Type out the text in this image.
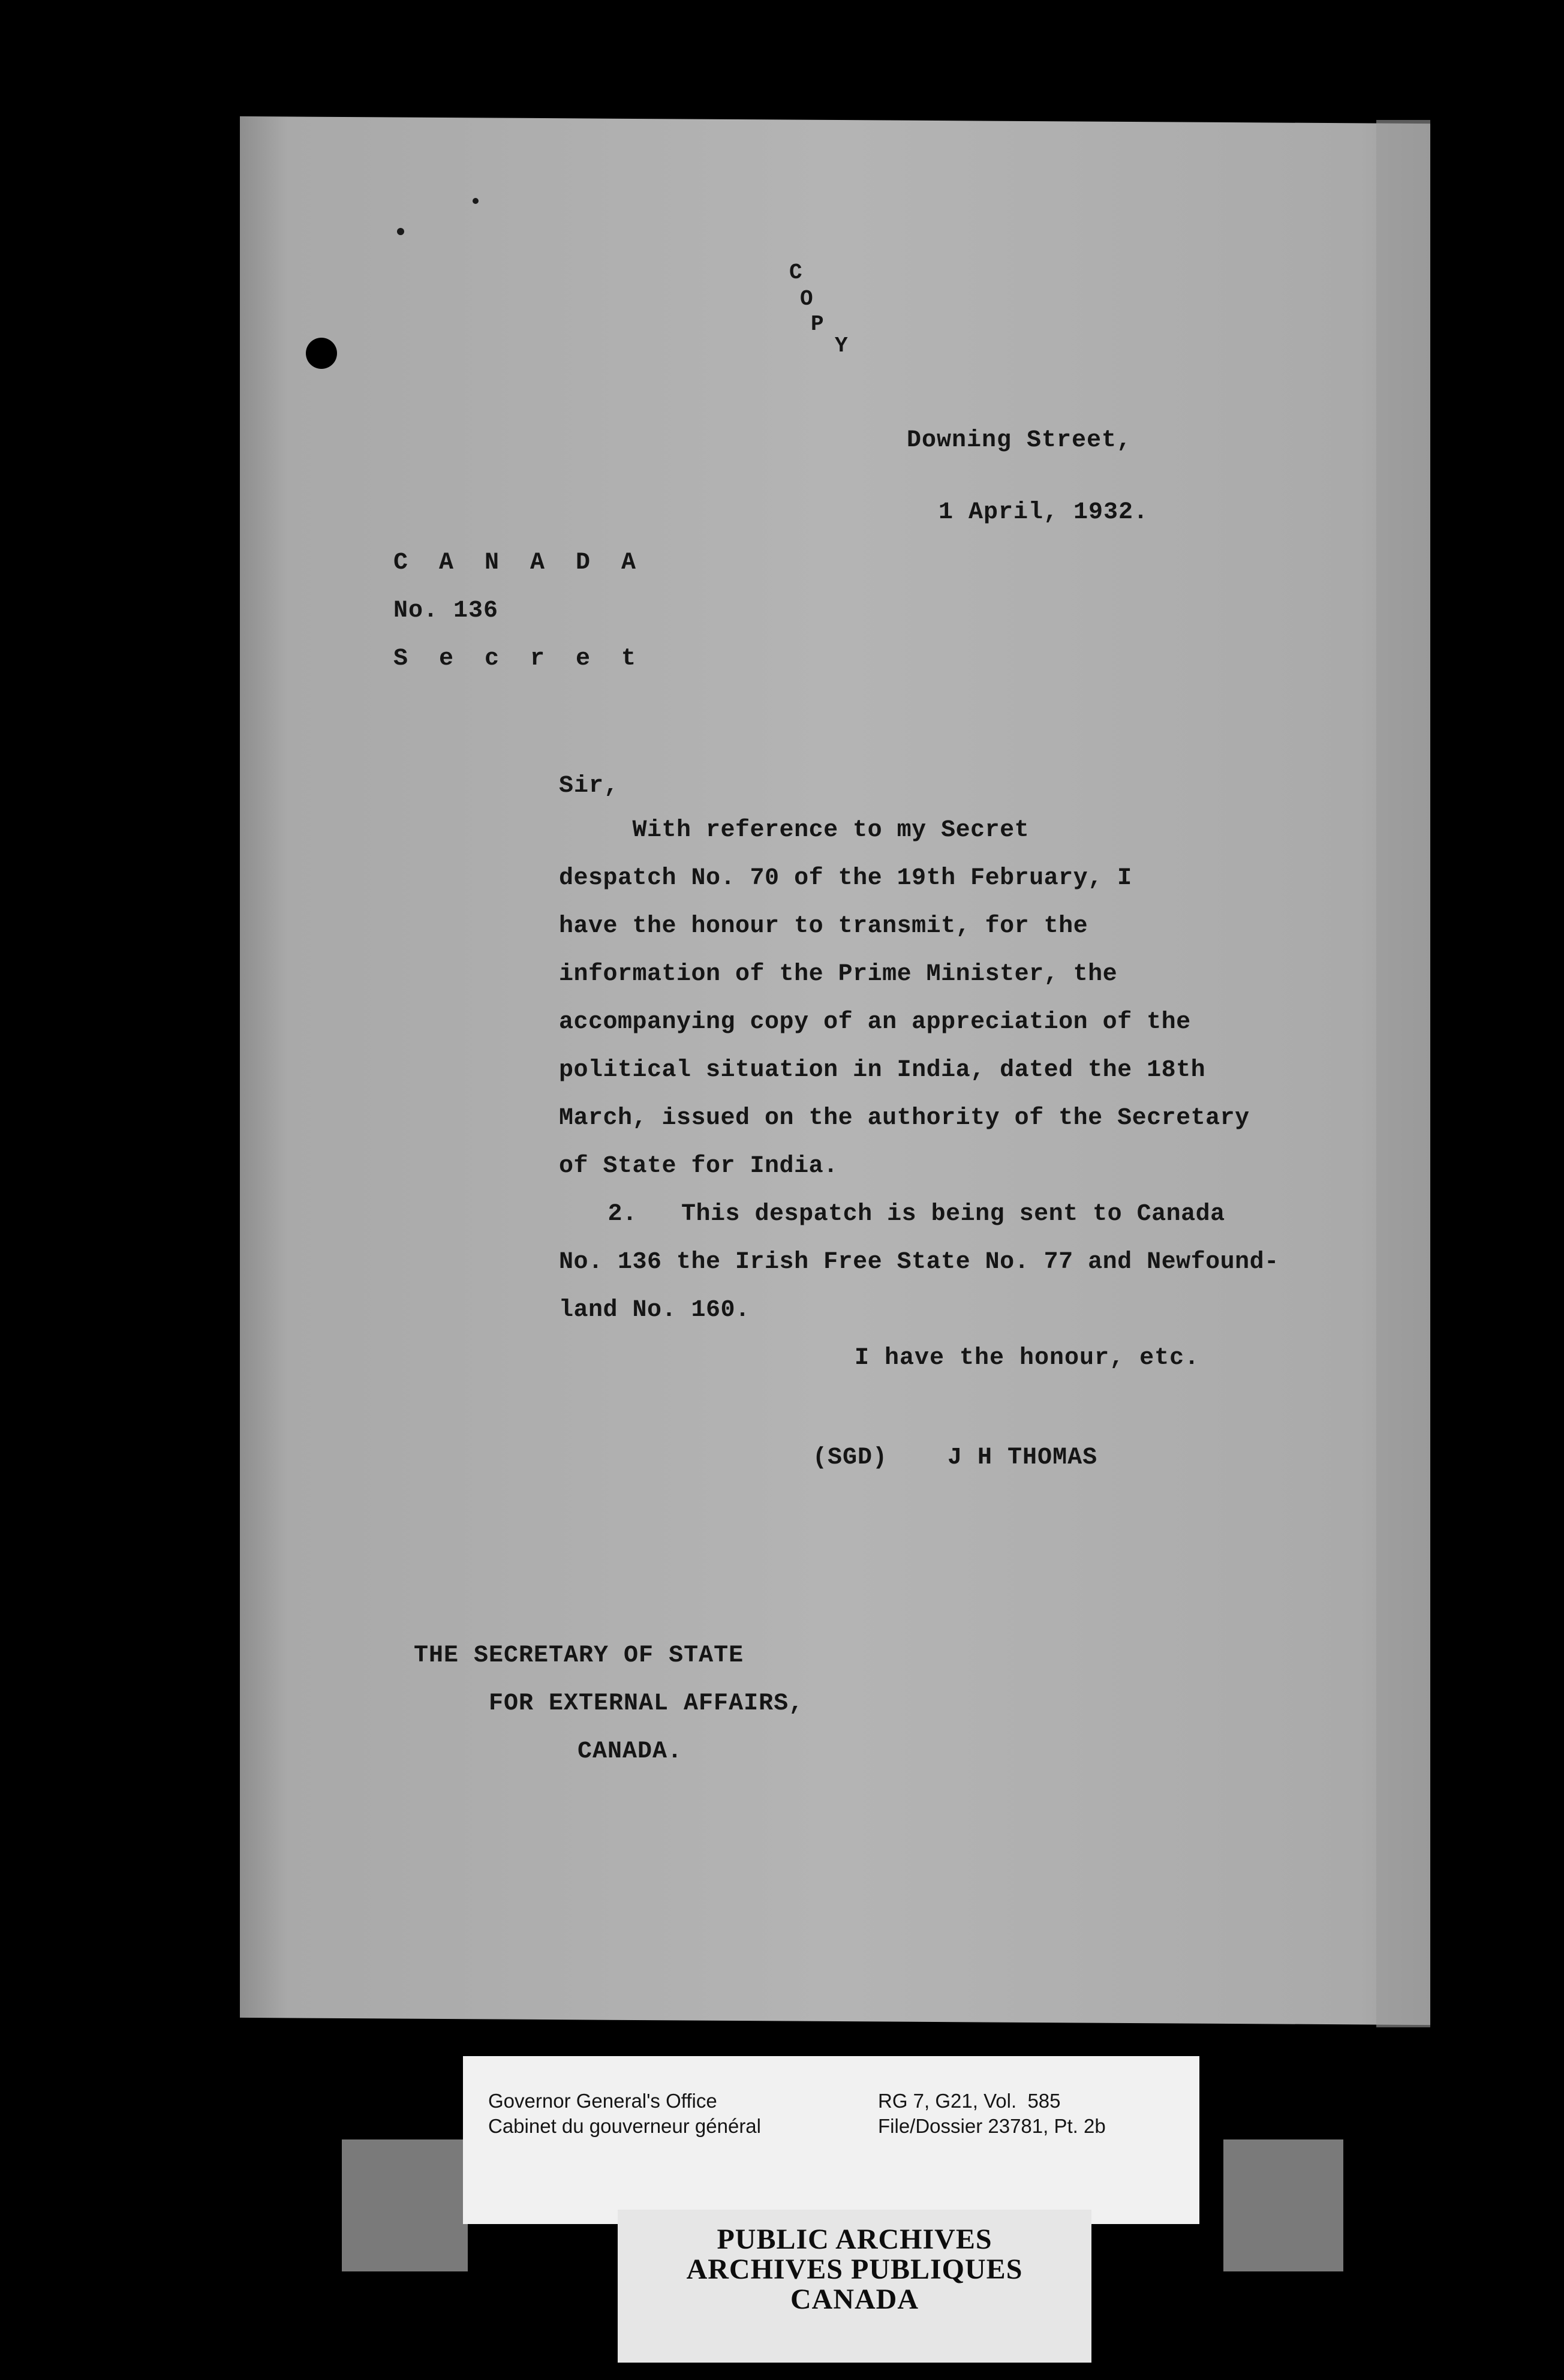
C
O
P
Y
Downing Street,
1 April, 1932.
C A N A D A
No. 136
S e c r e t
Sir,
With reference to my Secret
despatch No. 70 of the 19th February, I
have the honour to transmit, for the
information of the Prime Minister, the
accompanying copy of an appreciation of the
political situation in India, dated the 18th
March, issued on the authority of the Secretary
of State for India.
2.   This despatch is being sent to Canada
No. 136 the Irish Free State No. 77 and Newfound-
land No. 160.
I have the honour, etc.
(SGD)    J H THOMAS
THE SECRETARY OF STATE
FOR EXTERNAL AFFAIRS,
CANADA.
Governor General's Office
Cabinet du gouverneur général
RG 7, G21, Vol.  585
File/Dossier 23781, Pt. 2b
PUBLIC ARCHIVES
ARCHIVES PUBLIQUES
CANADA
